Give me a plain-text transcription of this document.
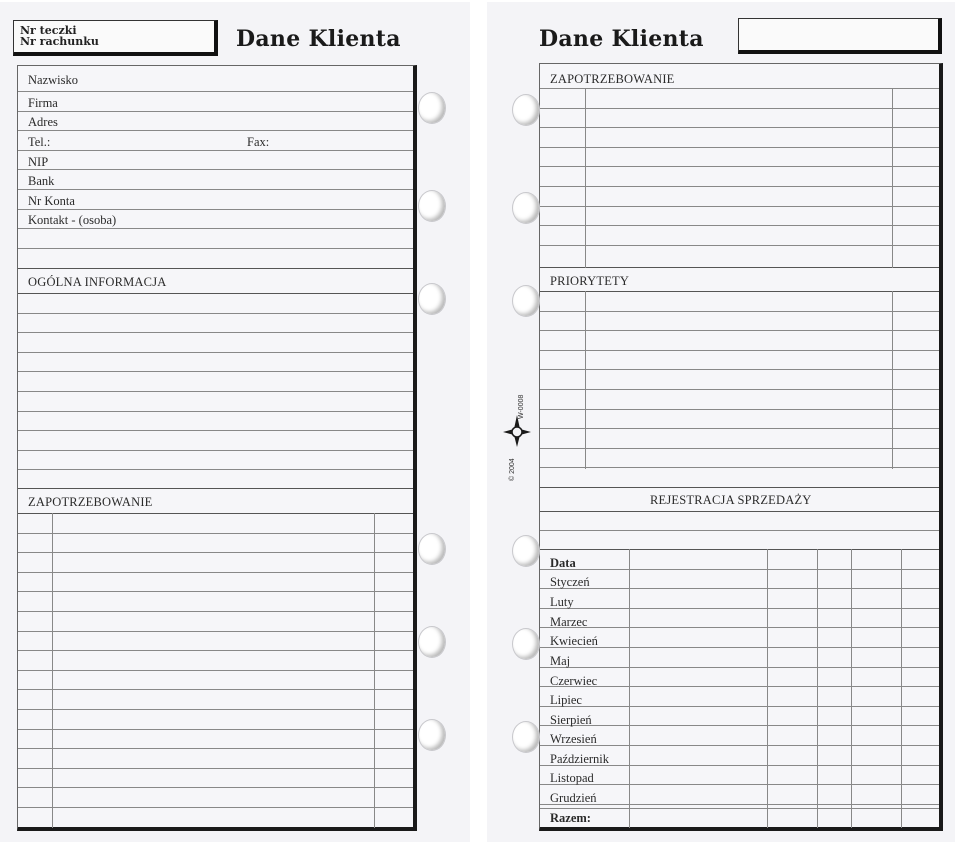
Nr teczki
Nr rachunku	Dane Klienta
Nazwisko
Firma
Adres
Tel.:	Fax:
NIP
Bank
Nr Konta
Kontakt - (osoba)
OGÓLNA INFORMACJA
ZAPOTRZEBOWANIE
Dane Klienta
ZAPOTRZEBOWANIE
PRIORYTETY
REJESTRACJA SPRZEDAŻY
Data
Styczeń
Luty
Marzec
Kwiecień
Maj
Czerwiec
Lipiec
Sierpień
Wrzesień
Październik
Listopad
Grudzień
Razem:
© 2004
W-0008
